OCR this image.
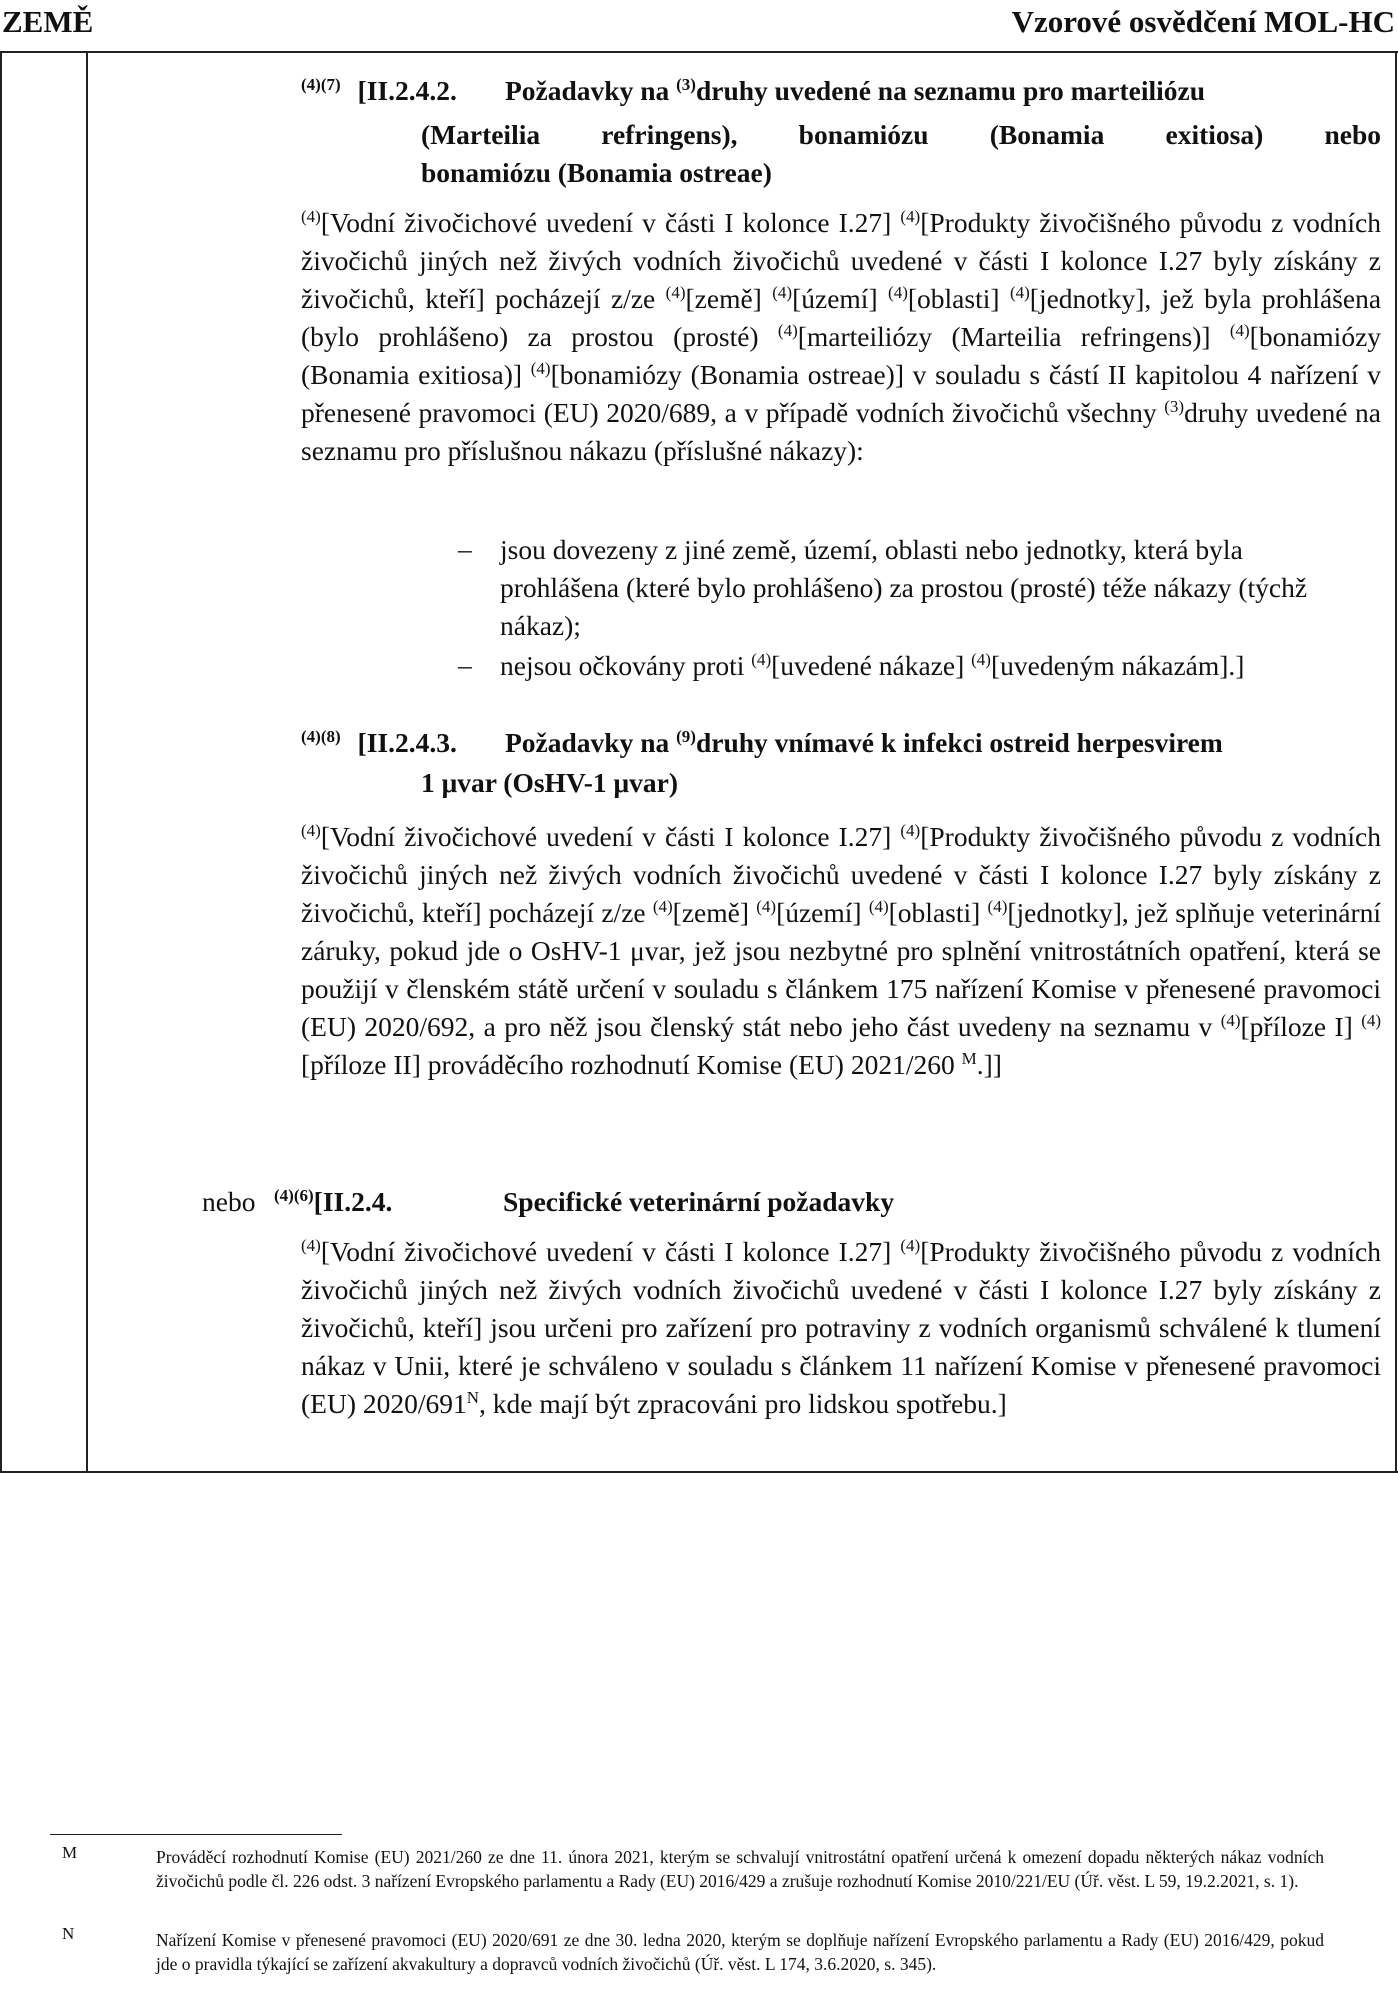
ZEMĚ	Vzorové osvědčení MOL-HC
$^{(4)(7)}$ [II.2.4.2. Požadavky na $^{(3)}$druhy uvedené na seznamu pro marteiliózu
(Marteilia refringens), bonamiózu (Bonamia exitiosa) nebo
bonamiózu (Bonamia ostreae)

$^{(4)}$[Vodní živočichové uvedení v části I kolonce I.27] $^{(4)}$[Produkty živočišného původu z vodních živočichů jiných než živých vodních živočichů uvedené v části I kolonce I.27 byly získány z živočichů, kteří] pocházejí z/ze $^{(4)}$[země] $^{(4)}$[území] $^{(4)}$[oblasti] $^{(4)}$[jednotky], jež byla prohlášena (bylo prohlášeno) za prostou (prosté) $^{(4)}$[marteiliózy (Marteilia refringens)] $^{(4)}$[bonamiózy (Bonamia exitiosa)] $^{(4)}$[bonamiózy (Bonamia ostreae)] v souladu s částí II kapitolou 4 nařízení v přenesené pravomoci (EU) 2020/689, a v případě vodních živočichů všechny $^{(3)}$druhy uvedené na seznamu pro příslušnou nákazu (příslušné nákazy):

– jsou dovezeny z jiné země, území, oblasti nebo jednotky, která byla prohlášena (které bylo prohlášeno) za prostou (prosté) téže nákazy (týchž nákaz);

– nejsou očkovány proti $^{(4)}$[uvedené nákaze] $^{(4)}$[uvedeným nákazám].]

$^{(4)(8)}$ [II.2.4.3. Požadavky na $^{(9)}$druhy vnímavé k infekci ostreid herpesvirem
1 μvar (OsHV-1 μvar)

$^{(4)}$[Vodní živočichové uvedení v části I kolonce I.27] $^{(4)}$[Produkty živočišného původu z vodních živočichů jiných než živých vodních živočichů uvedené v části I kolonce I.27 byly získány z živočichů, kteří] pocházejí z/ze $^{(4)}$[země] $^{(4)}$[území] $^{(4)}$[oblasti] $^{(4)}$[jednotky], jež splňuje veterinární záruky, pokud jde o OsHV-1 μvar, jež jsou nezbytné pro splnění vnitrostátních opatření, která se použijí v členském státě určení v souladu s článkem 175 nařízení Komise v přenesené pravomoci (EU) 2020/692, a pro něž jsou členský stát nebo jeho část uvedeny na seznamu v $^{(4)}$[příloze I] $^{(4)}$[příloze II] prováděcího rozhodnutí Komise (EU) 2021/260 $^M$.]]

nebo $^{(4)(6)}$[II.2.4.	Specifické veterinární požadavky

$^{(4)}$[Vodní živočichové uvedení v části I kolonce I.27] $^{(4)}$[Produkty živočišného původu z vodních živočichů jiných než živých vodních živočichů uvedené v části I kolonce I.27 byly získány z živočichů, kteří] jsou určeni pro zařízení pro potraviny z vodních organismů schválené k tlumení nákaz v Unii, které je schváleno v souladu s článkem 11 nařízení Komise v přenesené pravomoci (EU) $2020/691^N$, kde mají být zpracováni pro lidskou spotřebu.]

M	Prováděcí rozhodnutí Komise (EU) 2021/260 ze dne 11. února 2021, kterým se schvalují vnitrostátní opatření určená k omezení dopadu některých nákaz vodních živočichů podle čl. 226 odst. 3 nařízení Evropského parlamentu a Rady (EU) 2016/429 a zrušuje rozhodnutí Komise 2010/221/EU (Úř. věst. L 59, 19.2.2021, s. 1).

N	Nařízení Komise v přenesené pravomoci (EU) 2020/691 ze dne 30. ledna 2020, kterým se doplňuje nařízení Evropského parlamentu a Rady (EU) 2016/429, pokud jde o pravidla týkající se zařízení akvakultury a dopravců vodních živočichů (Úř. věst. L 174, 3.6.2020, s. 345).
